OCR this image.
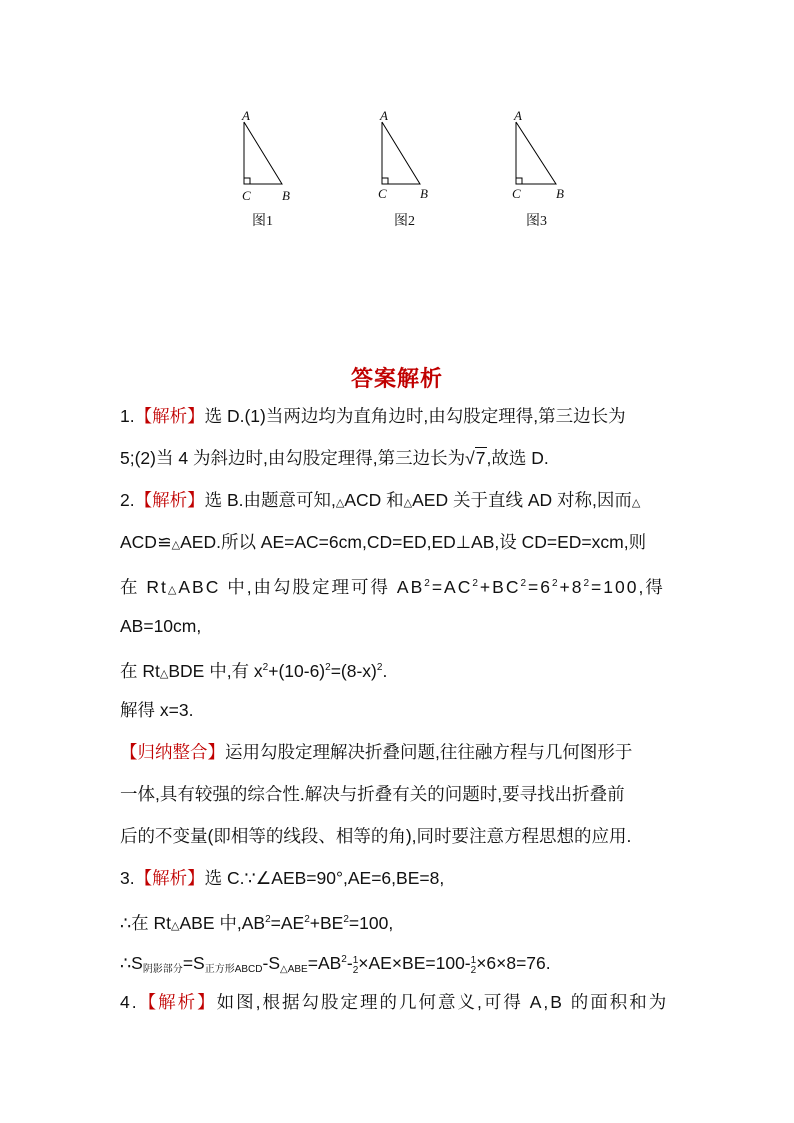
A
C B
图1
A
C	B
图2
A
C	B
图3
答案解析
1.【解析】选 D.(1)当两边均为直角边时,由勾股定理得,第三边长为
5;(2)当 4 为斜边时,由勾股定理得,第三边长为√7,故选 D.
2.【解析】选 B.由题意可知,△ACD 和△AED 关于直线 AD 对称,因而△
ACD≌△AED.所以 AE=AC=6cm,CD=ED,ED⊥AB,设 CD=ED=xcm,则
在 Rt△ABC 中,由勾股定理可得 $AB^2=AC^2+BC^2=6^2+8^2=100$,得
AB=10cm,
在 Rt△BDE 中,有 $x^2+(10-6)^2=(8-x)^2$.
解得 x=3.
【归纳整合】运用勾股定理解决折叠问题,往往融方程与几何图形于
一体,具有较强的综合性.解决与折叠有关的问题时,要寻找出折叠前
后的不变量(即相等的线段、相等的角),同时要注意方程思想的应用.
3.【解析】选 C.∵∠AEB=90°,AE=6,BE=8,
∴在 Rt△ABE 中$,AB^2=AE^2+BE^2=100$,
$\therefore S_{阴影部分}=S_{正方形ABCD}-S_{\triangle ABE}=AB^2-$ 1
2 ×AE×BE=100- 1
2 ×6×8=76.
4.【解析】如图,根据勾股定理的几何意义,可得 A,B 的面积和为
